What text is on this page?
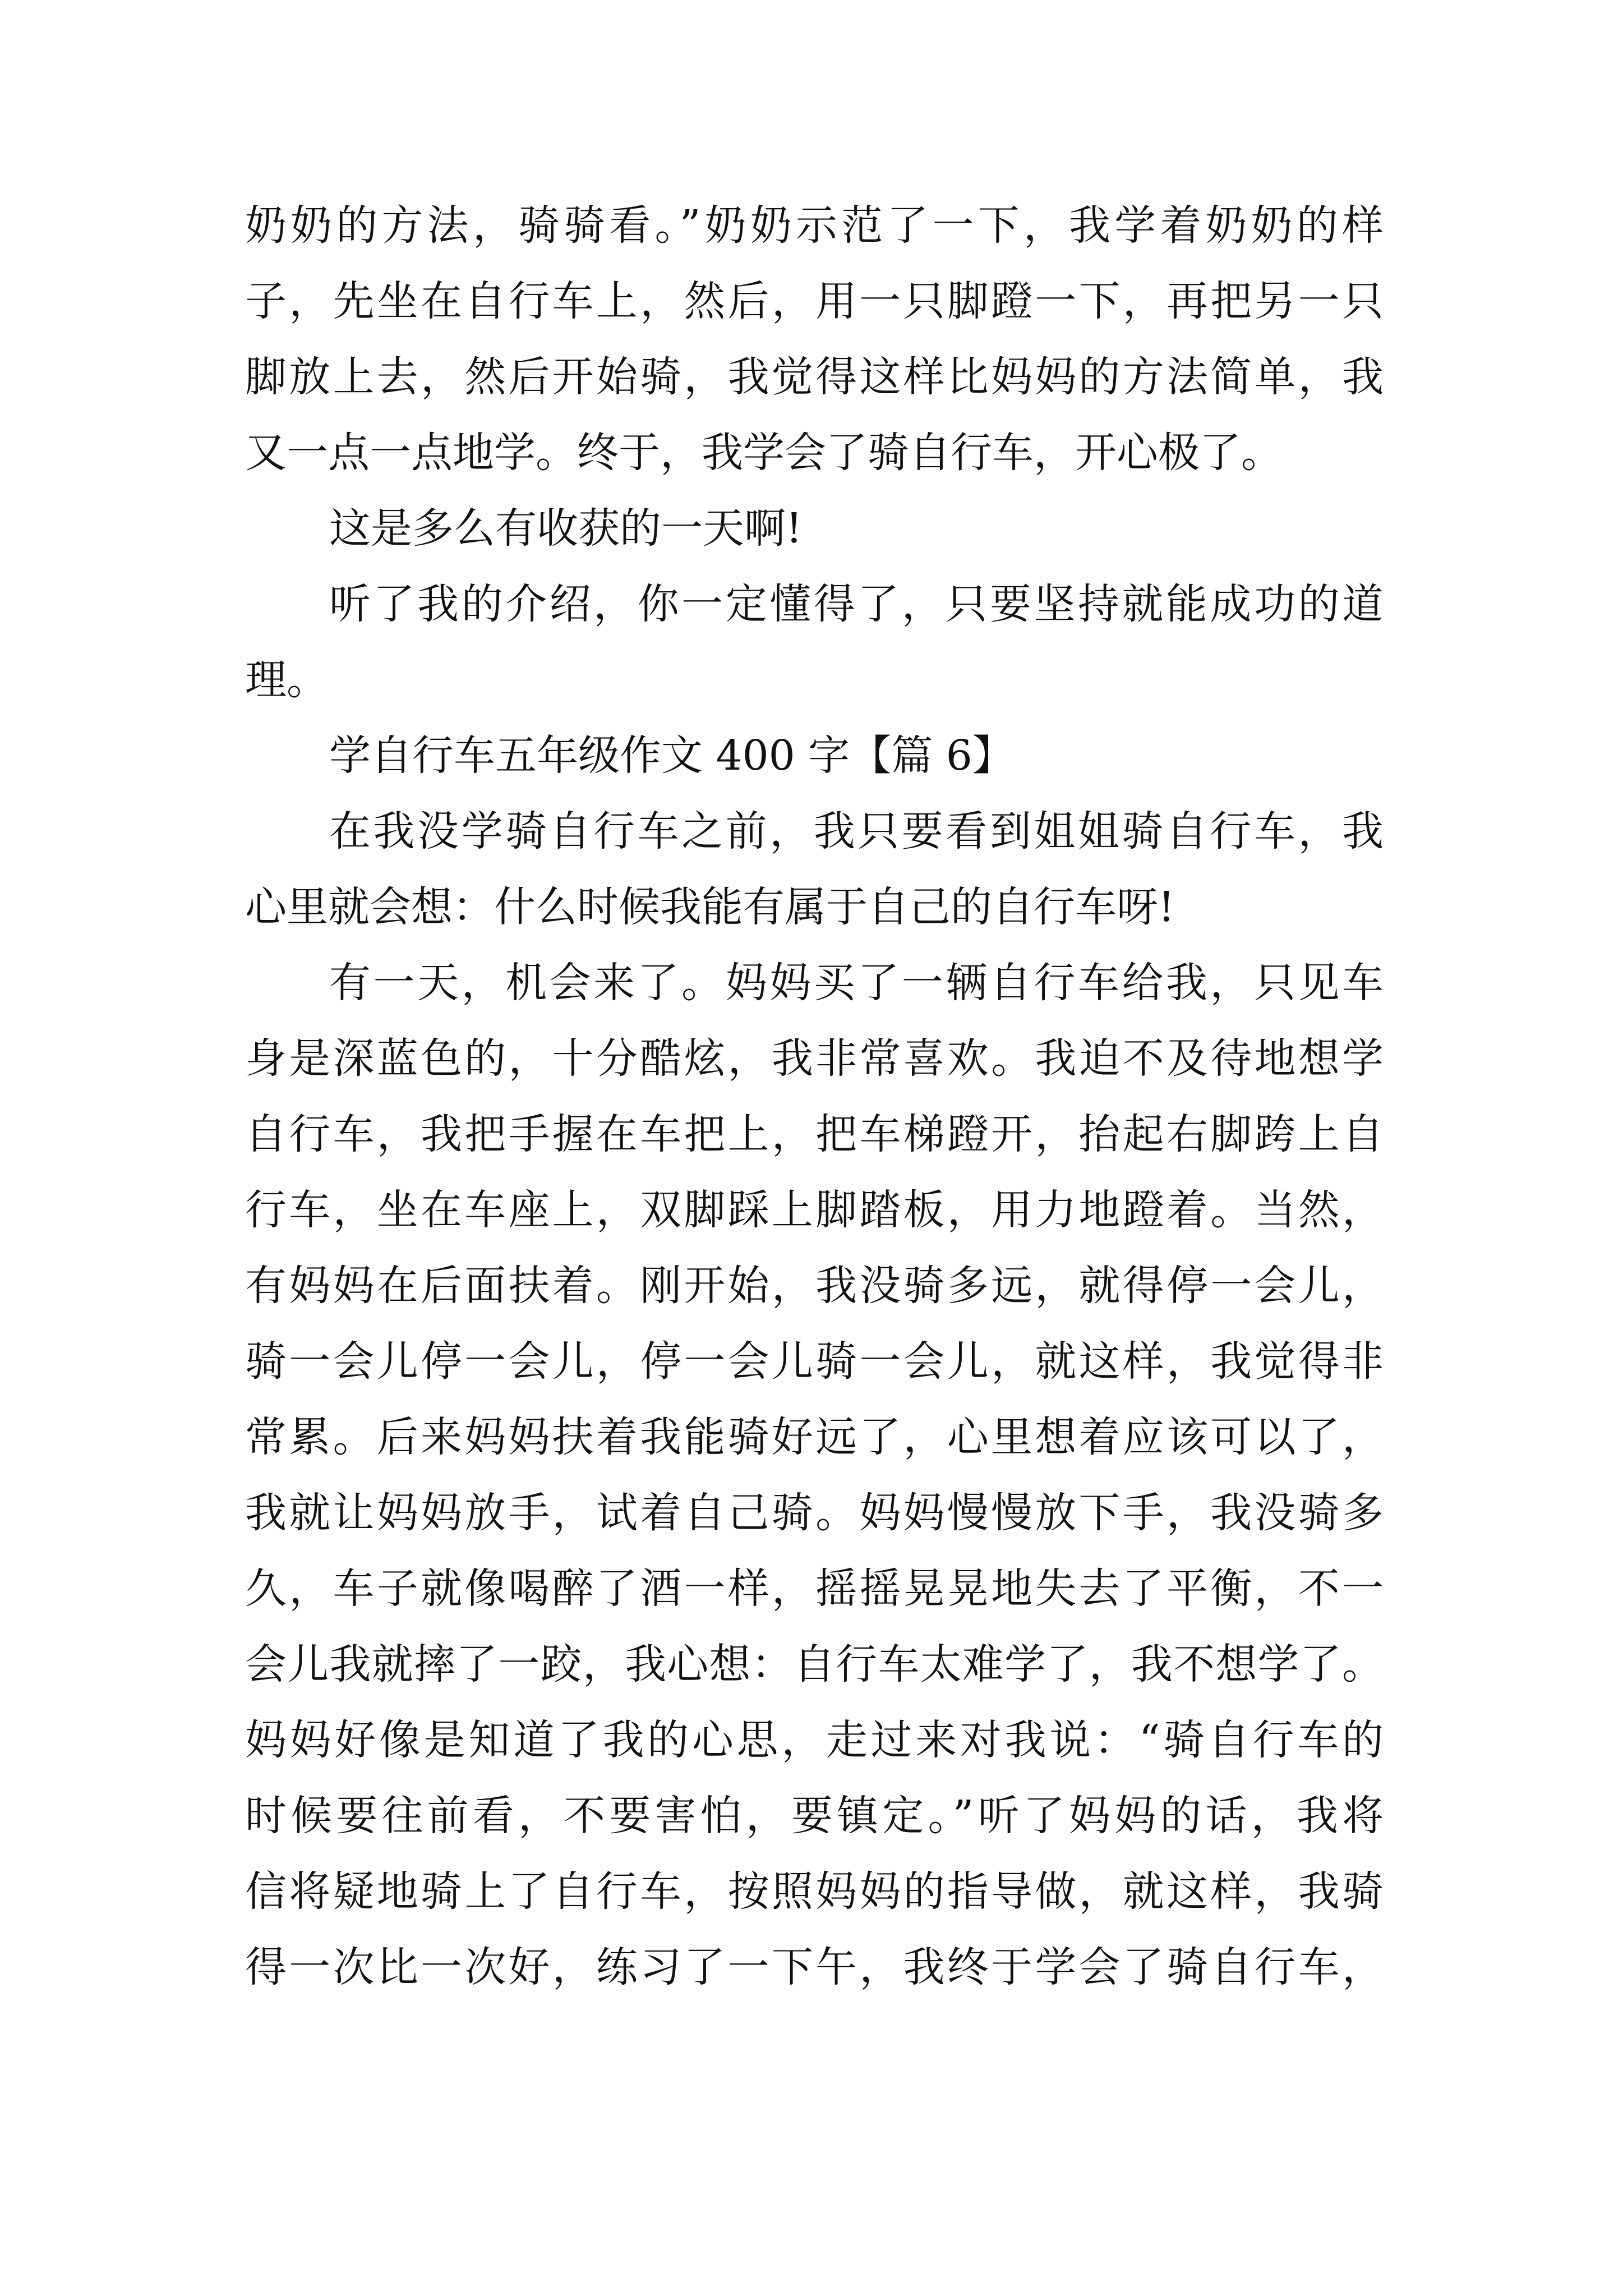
奶奶的方法，骑骑看。”奶奶示范了一下，我学着奶奶的样
子，先坐在自行车上，然后，用一只脚蹬一下，再把另一只
脚放上去，然后开始骑，我觉得这样比妈妈的方法简单，我
又一点一点地学。终于，我学会了骑自行车，开心极了。
这是多么有收获的一天啊!
听了我的介绍，你一定懂得了，只要坚持就能成功的道
理。
学自行车五年级作文 400 字【篇 6】
在我没学骑自行车之前，我只要看到姐姐骑自行车，我
心里就会想：什么时候我能有属于自己的自行车呀!
有一天，机会来了。妈妈买了一辆自行车给我，只见车
身是深蓝色的，十分酷炫，我非常喜欢。我迫不及待地想学
自行车，我把手握在车把上，把车梯蹬开，抬起右脚跨上自
行车，坐在车座上，双脚踩上脚踏板，用力地蹬着。当然，
有妈妈在后面扶着。刚开始，我没骑多远，就得停一会儿，
骑一会儿停一会儿，停一会儿骑一会儿，就这样，我觉得非
常累。后来妈妈扶着我能骑好远了，心里想着应该可以了，
我就让妈妈放手，试着自己骑。妈妈慢慢放下手，我没骑多
久，车子就像喝醉了酒一样，摇摇晃晃地失去了平衡，不一
会儿我就摔了一跤，我心想：自行车太难学了，我不想学了。
妈妈好像是知道了我的心思，走过来对我说：“骑自行车的
时候要往前看，不要害怕，要镇定。”听了妈妈的话，我将
信将疑地骑上了自行车，按照妈妈的指导做，就这样，我骑
得一次比一次好，练习了一下午，我终于学会了骑自行车，
